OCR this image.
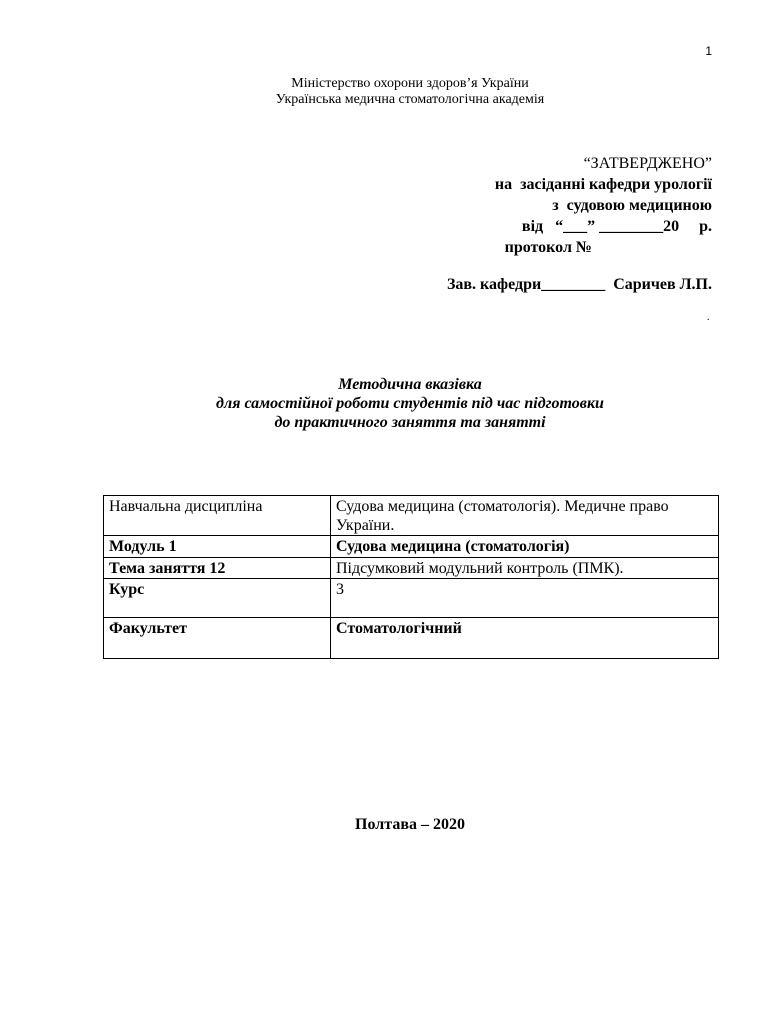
1
Міністерство охорони здоров’я України
Українська медична стоматологічна академія
“ЗАТВЕРДЖЕНО”
на  засіданні кафедри урології
з  судовою медициною
від   “___” ________20     р.
протокол №
Зав. кафедри________  Саричев Л.П.
.
Методична вказівка
для самостійної роботи студентів під час підготовки
до практичного заняття та занятті
Навчальна дисципліна	Судова медицина (стоматологія). Медичне право України.
Модуль 1	Судова медицина (стоматологія)
Тема заняття 12	Підсумковий модульний контроль (ПМК).
Курс	3
Факультет	Стоматологічний
Полтава – 2020
